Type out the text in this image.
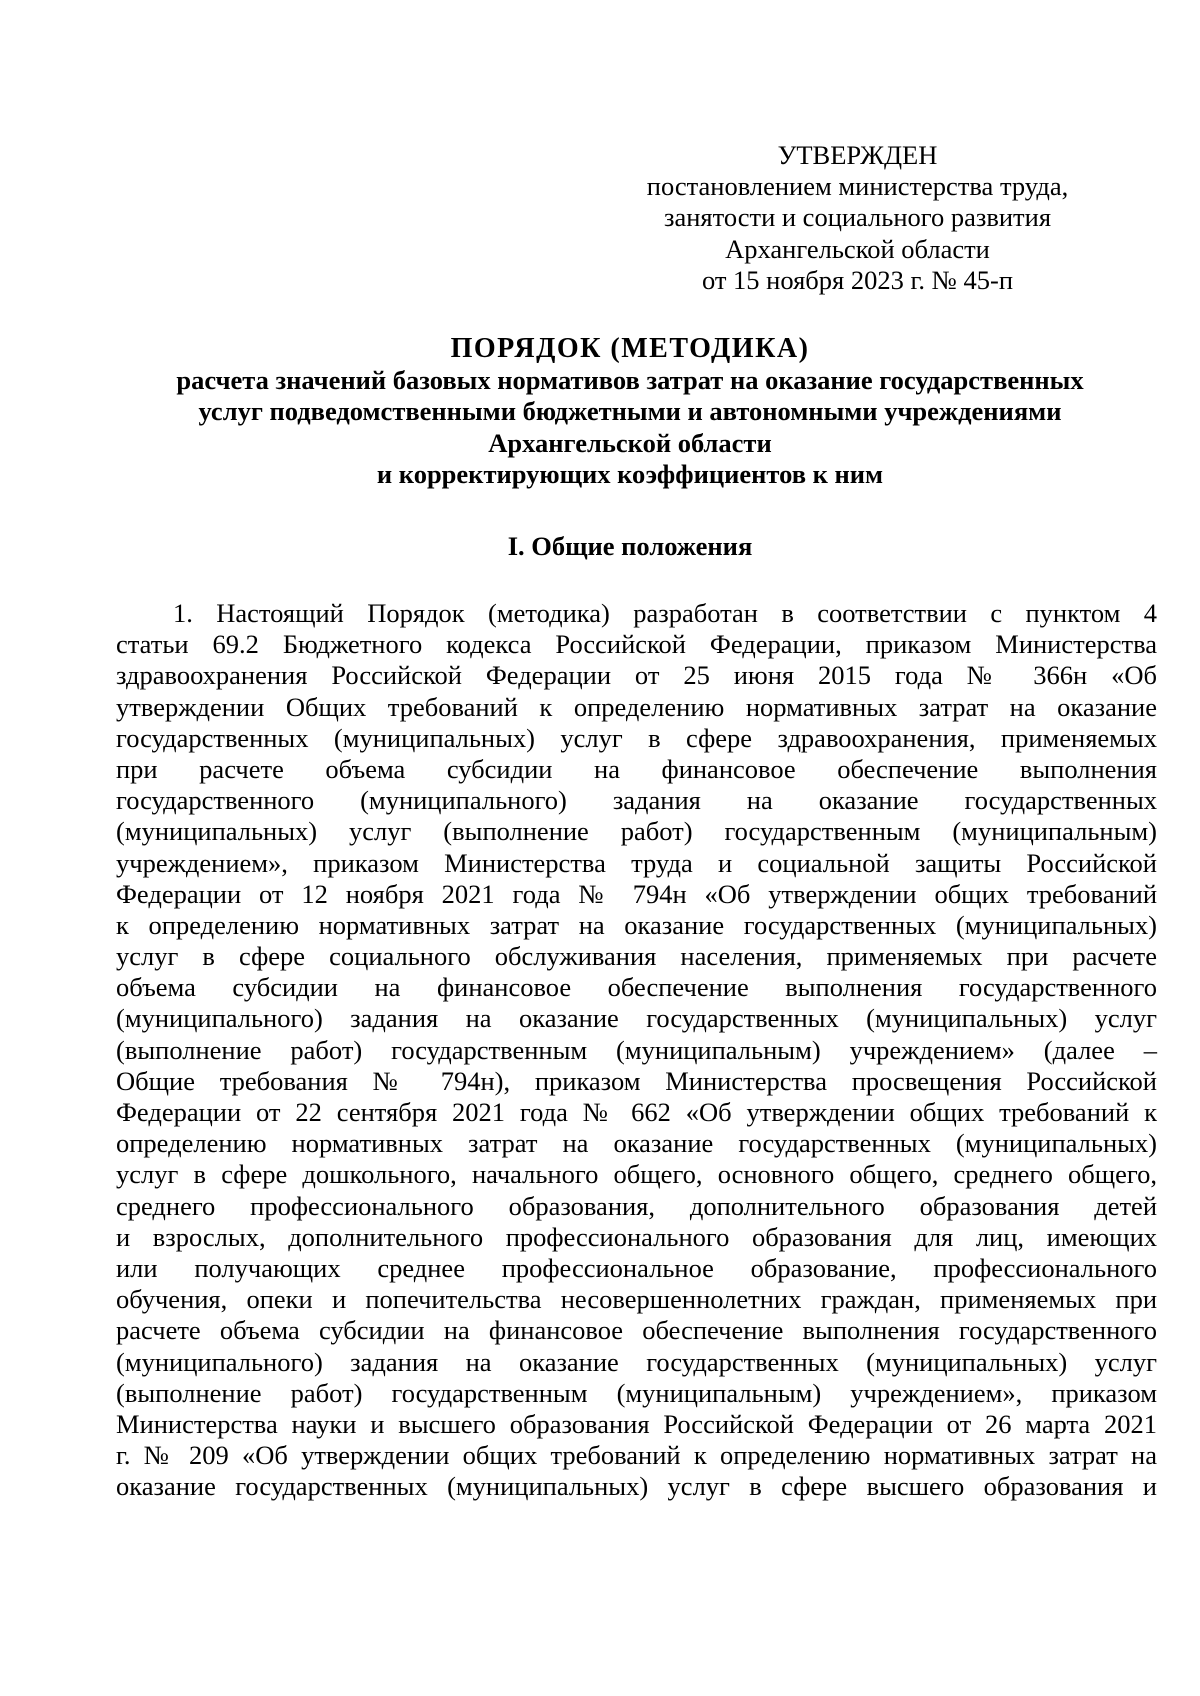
УТВЕРЖДЕН
постановлением министерства труда,
занятости и социального развития
Архангельской области
от 15 ноября 2023 г. № 45-п
ПОРЯДОК (МЕТОДИКА)
расчета значений базовых нормативов затрат на оказание государственных
услуг подведомственными бюджетными и автономными учреждениями
Архангельской области
и корректирующих коэффициентов к ним
I. Общие положения
1. Настоящий Порядок (методика) разработан в соответствии с пунктом 4
статьи 69.2 Бюджетного кодекса Российской Федерации, приказом Министерства
здравоохранения Российской Федерации от 25 июня 2015 года № 366н «Об
утверждении Общих требований к определению нормативных затрат на оказание
государственных (муниципальных) услуг в сфере здравоохранения, применяемых
при расчете объема субсидии на финансовое обеспечение выполнения
государственного (муниципального) задания на оказание государственных
(муниципальных) услуг (выполнение работ) государственным (муниципальным)
учреждением», приказом Министерства труда и социальной защиты Российской
Федерации от 12 ноября 2021 года № 794н «Об утверждении общих требований
к определению нормативных затрат на оказание государственных (муниципальных)
услуг в сфере социального обслуживания населения, применяемых при расчете
объема субсидии на финансовое обеспечение выполнения государственного
(муниципального) задания на оказание государственных (муниципальных) услуг
(выполнение работ) государственным (муниципальным) учреждением» (далее –
Общие требования № 794н), приказом Министерства просвещения Российской
Федерации от 22 сентября 2021 года № 662 «Об утверждении общих требований к
определению нормативных затрат на оказание государственных (муниципальных)
услуг в сфере дошкольного, начального общего, основного общего, среднего общего,
среднего профессионального образования, дополнительного образования детей
и взрослых, дополнительного профессионального образования для лиц, имеющих
или получающих среднее профессиональное образование, профессионального
обучения, опеки и попечительства несовершеннолетних граждан, применяемых при
расчете объема субсидии на финансовое обеспечение выполнения государственного
(муниципального) задания на оказание государственных (муниципальных) услуг
(выполнение работ) государственным (муниципальным) учреждением», приказом
Министерства науки и высшего образования Российской Федерации от 26 марта 2021
г. № 209 «Об утверждении общих требований к определению нормативных затрат на
оказание государственных (муниципальных) услуг в сфере высшего образования и
